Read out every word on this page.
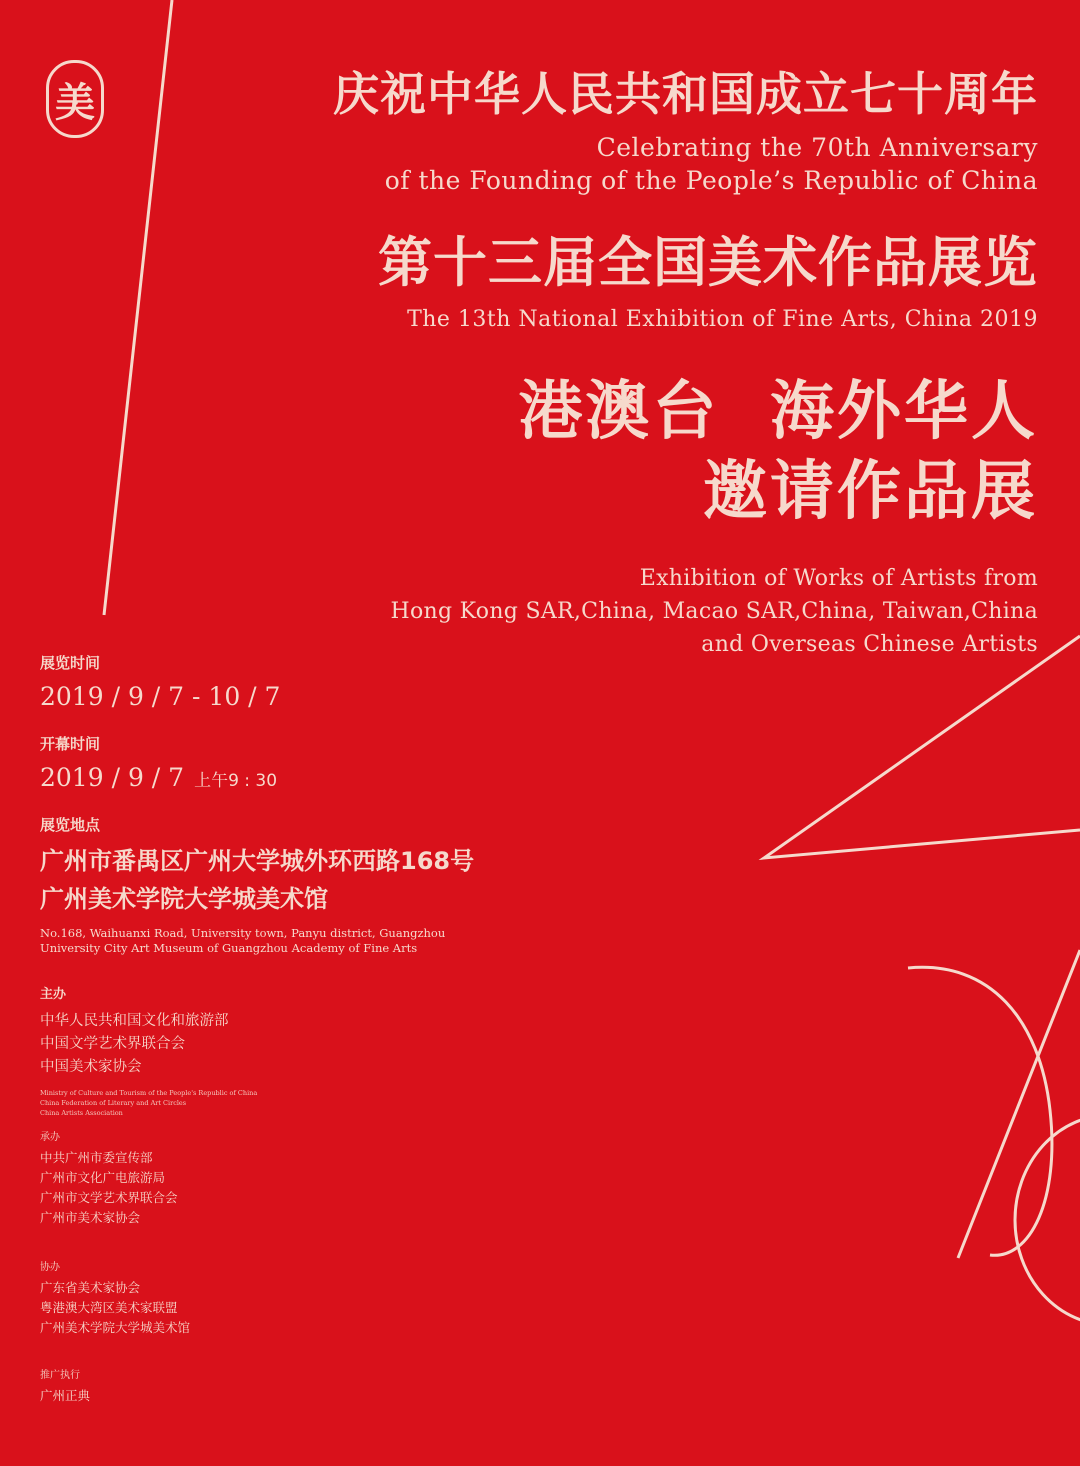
美	庆祝中华人民共和国成立七十周年
Celebrating the 70th Anniversary
of the Founding of the People’s Republic of China
第十三届全国美术作品展览
The 13th National Exhibition of Fine Arts, China 2019
港澳台  海外华人
邀请作品展
Exhibition of Works of Artists from
Hong Kong SAR,China, Macao SAR,China, Taiwan,China
and Overseas Chinese Artists
展览时间
2019 / 9 / 7 - 10 / 7
开幕时间
2019 / 9 / 7 上午9 : 30
展览地点
广州市番禺区广州大学城外环西路168号
广州美术学院大学城美术馆
No.168, Waihuanxi Road, University town, Panyu district, Guangzhou
University City Art Museum of Guangzhou Academy of Fine Arts
主办
中华人民共和国文化和旅游部
中国文学艺术界联合会
中国美术家协会
Ministry of Culture and Tourism of the People's Republic of China
China Federation of Literary and Art Circles
China Artists Association
承办
中共广州市委宣传部
广州市文化广电旅游局
广州市文学艺术界联合会
广州市美术家协会
协办
广东省美术家协会
粤港澳大湾区美术家联盟
广州美术学院大学城美术馆
推广执行
广州正典
